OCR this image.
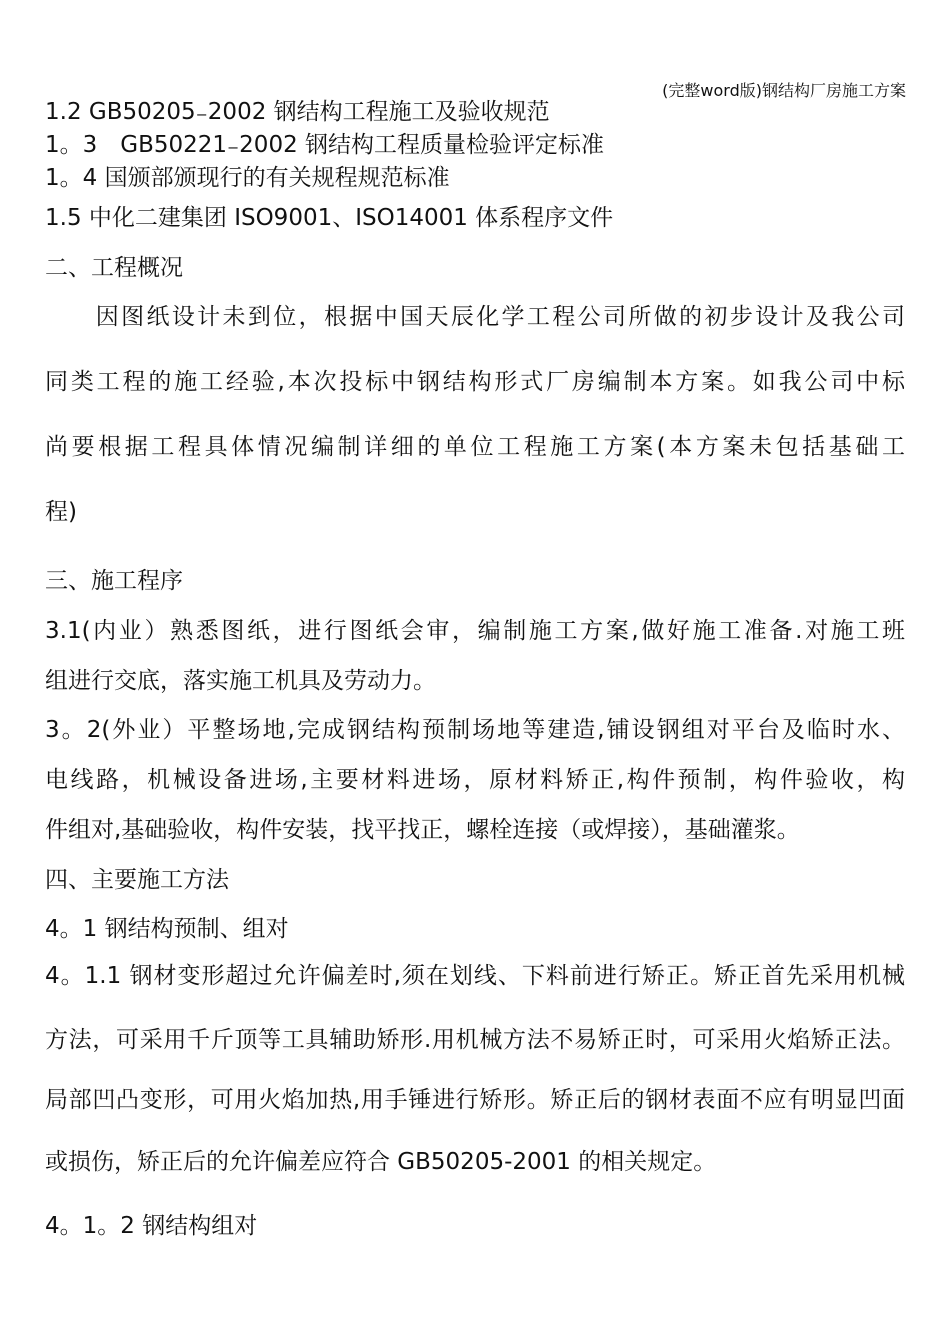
(完整word版)钢结构厂房施工方案
1.2 GB50205₋2002 钢结构工程施工及验收规范
1。3　GB50221₋2002 钢结构工程质量检验评定标准
1。4 国颁部颁现行的有关规程规范标准
1.5 中化二建集团 ISO9001、ISO14001 体系程序文件
二、工程概况
　　因图纸设计未到位，根据中国天辰化学工程公司所做的初步设计及我公司
同类工程的施工经验,本次投标中钢结构形式厂房编制本方案。如我公司中标
尚要根据工程具体情况编制详细的单位工程施工方案(本方案未包括基础工
程)
三、施工程序
3.1(内业）熟悉图纸，进行图纸会审，编制施工方案,做好施工准备.对施工班
组进行交底，落实施工机具及劳动力。
3。2(外业）平整场地,完成钢结构预制场地等建造,铺设钢组对平台及临时水、
电线路，机械设备进场,主要材料进场，原材料矫正,构件预制，构件验收，构
件组对,基础验收，构件安装，找平找正，螺栓连接（或焊接），基础灌浆。
四、主要施工方法
4。1 钢结构预制、组对
4。1.1 钢材变形超过允许偏差时,须在划线、下料前进行矫正。矫正首先采用机械
方法，可采用千斤顶等工具辅助矫形.用机械方法不易矫正时，可采用火焰矫正法。
局部凹凸变形，可用火焰加热,用手锤进行矫形。矫正后的钢材表面不应有明显凹面
或损伤，矫正后的允许偏差应符合 GB50205-2001 的相关规定。
4。1。2 钢结构组对
